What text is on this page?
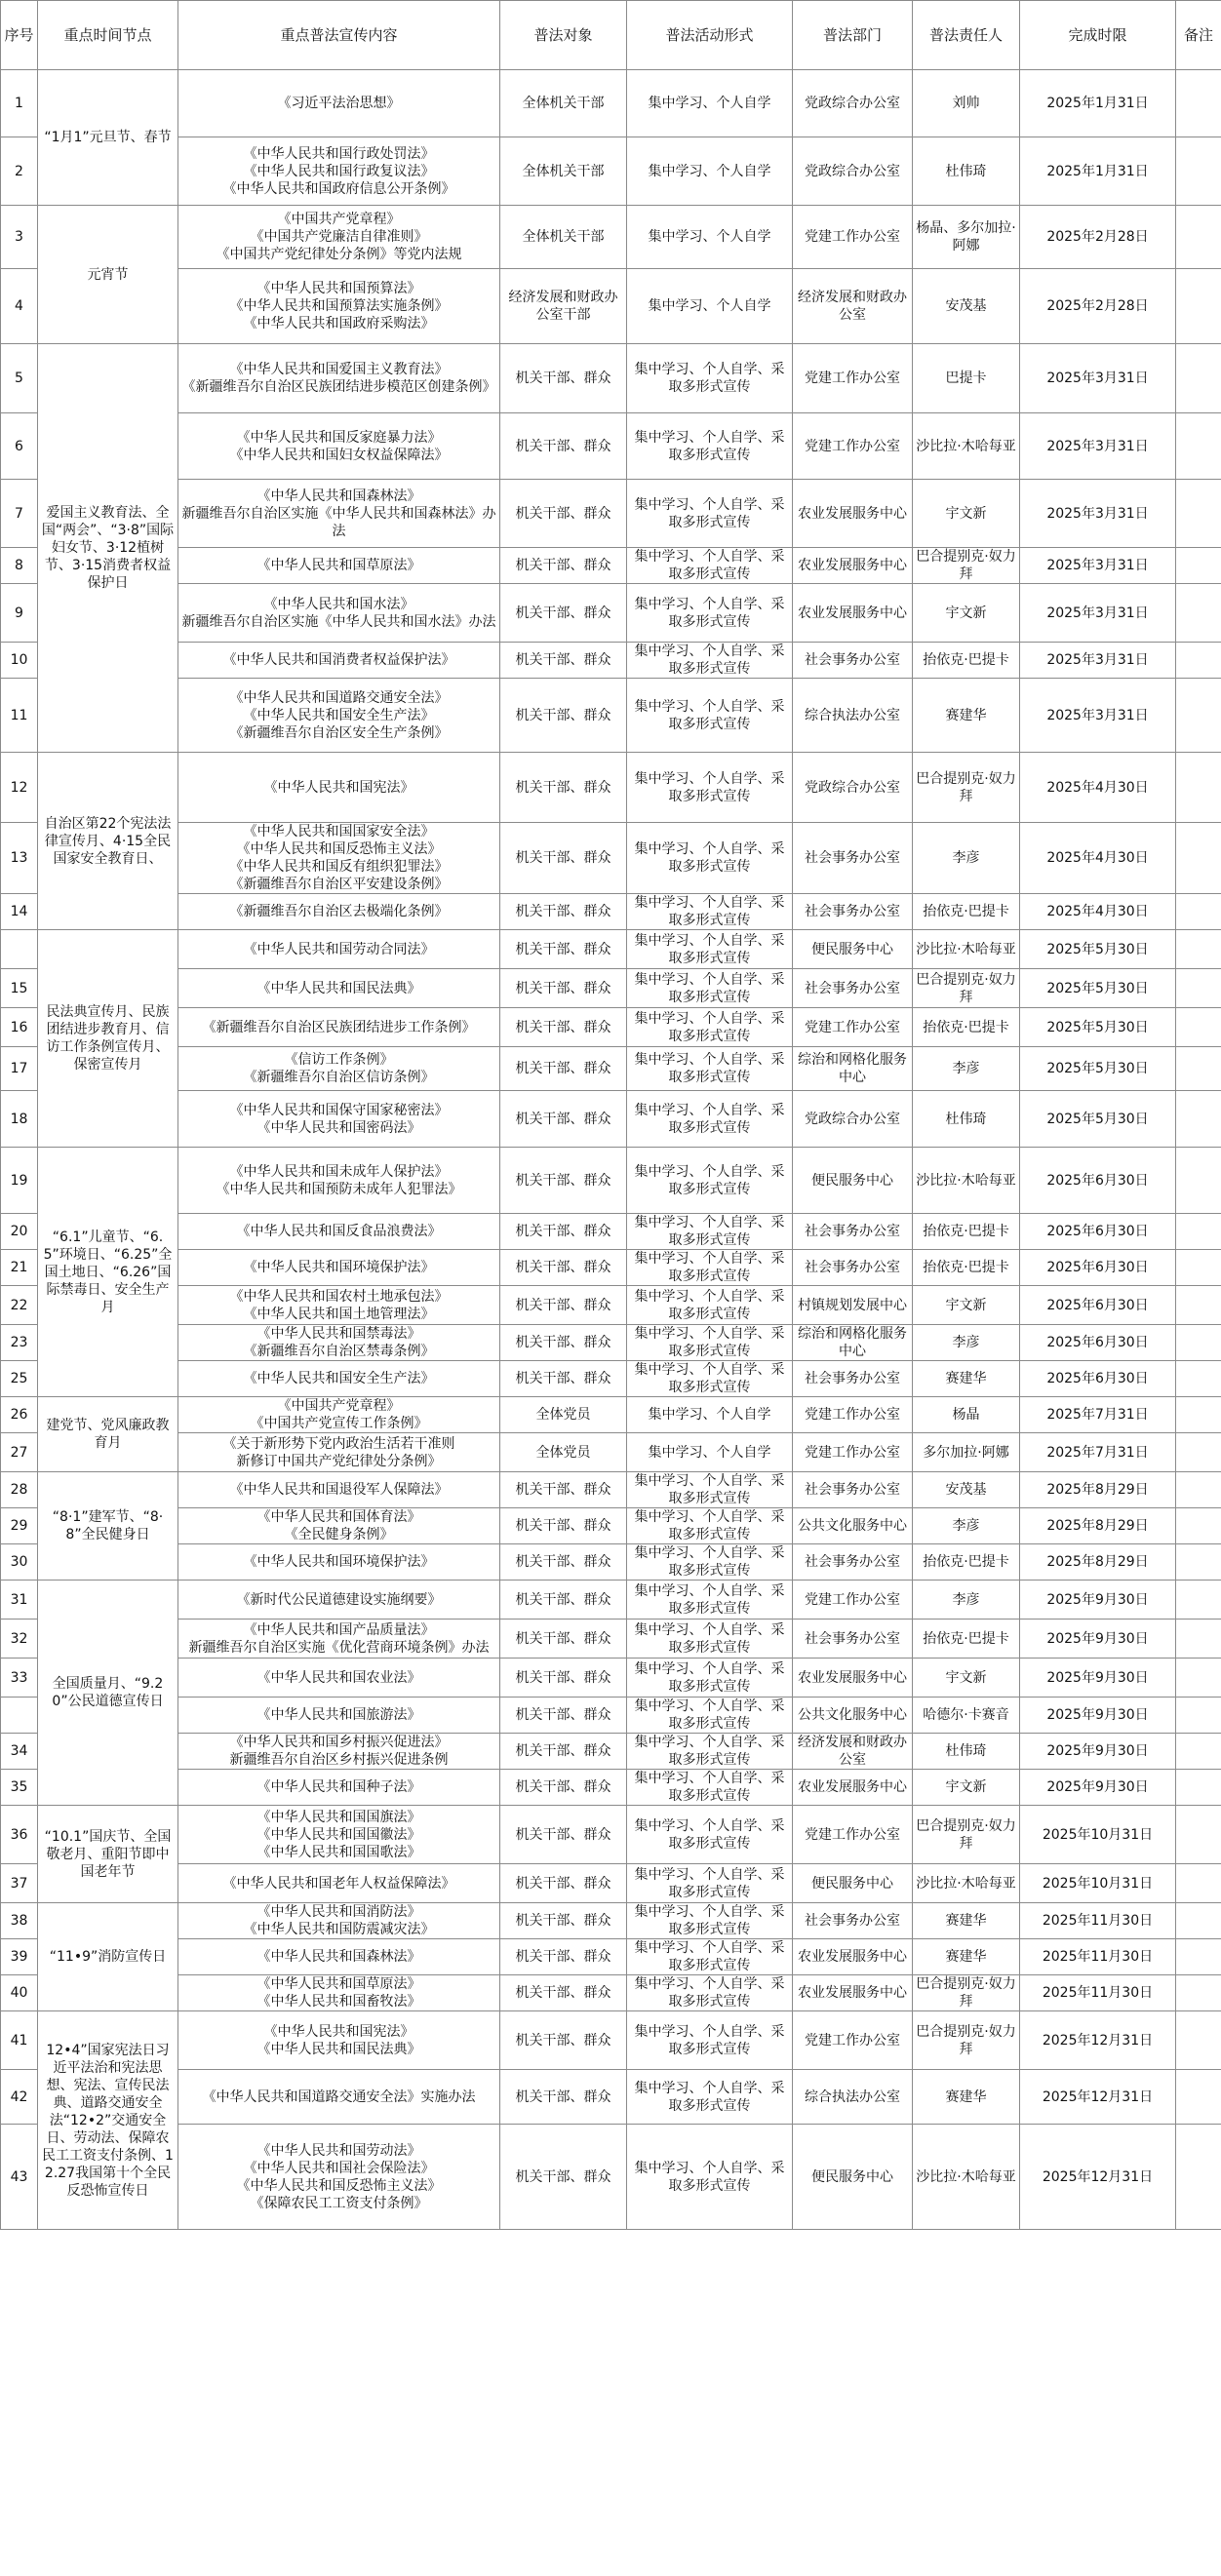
序号	重点时间节点	重点普法宣传内容	普法对象	普法活动形式	普法部门	普法责任人	完成时限	备注
1	“1月1”元旦节、春节	《习近平法治思想》	全体机关干部	集中学习、个人自学	党政综合办公室	刘帅	2025年1月31日	
2		《中华人民共和国行政处罚法》
《中华人民共和国行政复议法》
《中华人民共和国政府信息公开条例》	全体机关干部	集中学习、个人自学	党政综合办公室	杜伟琦	2025年1月31日	
3	元宵节	《中国共产党章程》
《中国共产党廉洁自律准则》
《中国共产党纪律处分条例》等党内法规	全体机关干部	集中学习、个人自学	党建工作办公室	杨晶、多尔加拉·阿娜	2025年2月28日	
4		《中华人民共和国预算法》
《中华人民共和国预算法实施条例》
《中华人民共和国政府采购法》	经济发展和财政办公室干部	集中学习、个人自学	经济发展和财政办公室	安茂基	2025年2月28日	
5	爱国主义教育法、全国“两会”、“3·8”国际妇女节、3·12植树节、3·15消费者权益保护日	《中华人民共和国爱国主义教育法》
《新疆维吾尔自治区民族团结进步模范区创建条例》	机关干部、群众	集中学习、个人自学、采取多形式宣传	党建工作办公室	巴提卡	2025年3月31日	
6		《中华人民共和国反家庭暴力法》
《中华人民共和国妇女权益保障法》	机关干部、群众	集中学习、个人自学、采取多形式宣传	党建工作办公室	沙比拉·木哈每亚	2025年3月31日	
7		《中华人民共和国森林法》
新疆维吾尔自治区实施《中华人民共和国森林法》办法	机关干部、群众	集中学习、个人自学、采取多形式宣传	农业发展服务中心	宇文新	2025年3月31日	
8		《中华人民共和国草原法》	机关干部、群众	集中学习、个人自学、采取多形式宣传	农业发展服务中心	巴合提别克·奴力拜	2025年3月31日	
9		《中华人民共和国水法》
新疆维吾尔自治区实施《中华人民共和国水法》办法	机关干部、群众	集中学习、个人自学、采取多形式宣传	农业发展服务中心	宇文新	2025年3月31日	
10		《中华人民共和国消费者权益保护法》	机关干部、群众	集中学习、个人自学、采取多形式宣传	社会事务办公室	抬依克·巴提卡	2025年3月31日	
11		《中华人民共和国道路交通安全法》
《中华人民共和国安全生产法》
《新疆维吾尔自治区安全生产条例》	机关干部、群众	集中学习、个人自学、采取多形式宣传	综合执法办公室	赛建华	2025年3月31日	
12	自治区第22个宪法法律宣传月、4·15全民国家安全教育日、	《中华人民共和国宪法》	机关干部、群众	集中学习、个人自学、采取多形式宣传	党政综合办公室	巴合提别克·奴力拜	2025年4月30日	
13		《中华人民共和国国家安全法》
《中华人民共和国反恐怖主义法》
《中华人民共和国反有组织犯罪法》
《新疆维吾尔自治区平安建设条例》	机关干部、群众	集中学习、个人自学、采取多形式宣传	社会事务办公室	李彦	2025年4月30日	
14		《新疆维吾尔自治区去极端化条例》	机关干部、群众	集中学习、个人自学、采取多形式宣传	社会事务办公室	抬依克·巴提卡	2025年4月30日	
	民法典宣传月、民族团结进步教育月、信访工作条例宣传月、保密宣传月	《中华人民共和国劳动合同法》	机关干部、群众	集中学习、个人自学、采取多形式宣传	便民服务中心	沙比拉·木哈每亚	2025年5月30日	
15		《中华人民共和国民法典》	机关干部、群众	集中学习、个人自学、采取多形式宣传	社会事务办公室	巴合提别克·奴力拜	2025年5月30日	
16		《新疆维吾尔自治区民族团结进步工作条例》	机关干部、群众	集中学习、个人自学、采取多形式宣传	党建工作办公室	抬依克·巴提卡	2025年5月30日	
17		《信访工作条例》
《新疆维吾尔自治区信访条例》	机关干部、群众	集中学习、个人自学、采取多形式宣传	综治和网格化服务中心	李彦	2025年5月30日	
18		《中华人民共和国保守国家秘密法》
《中华人民共和国密码法》	机关干部、群众	集中学习、个人自学、采取多形式宣传	党政综合办公室	杜伟琦	2025年5月30日	
19	“6.1”儿童节、“6.5”环境日、“6.25”全国土地日、“6.26”国际禁毒日、安全生产月	《中华人民共和国未成年人保护法》
《中华人民共和国预防未成年人犯罪法》	机关干部、群众	集中学习、个人自学、采取多形式宣传	便民服务中心	沙比拉·木哈每亚	2025年6月30日	
20		《中华人民共和国反食品浪费法》	机关干部、群众	集中学习、个人自学、采取多形式宣传	社会事务办公室	抬依克·巴提卡	2025年6月30日	
21		《中华人民共和国环境保护法》	机关干部、群众	集中学习、个人自学、采取多形式宣传	社会事务办公室	抬依克·巴提卡	2025年6月30日	
22		《中华人民共和国农村土地承包法》
《中华人民共和国土地管理法》	机关干部、群众	集中学习、个人自学、采取多形式宣传	村镇规划发展中心	宇文新	2025年6月30日	
23		《中华人民共和国禁毒法》
《新疆维吾尔自治区禁毒条例》	机关干部、群众	集中学习、个人自学、采取多形式宣传	综治和网格化服务中心	李彦	2025年6月30日	
25		《中华人民共和国安全生产法》	机关干部、群众	集中学习、个人自学、采取多形式宣传	社会事务办公室	赛建华	2025年6月30日	
26	建党节、党风廉政教育月	《中国共产党章程》
《中国共产党宣传工作条例》	全体党员	集中学习、个人自学	党建工作办公室	杨晶	2025年7月31日	
27		《关于新形势下党内政治生活若干准则
新修订中国共产党纪律处分条例》	全体党员	集中学习、个人自学	党建工作办公室	多尔加拉·阿娜	2025年7月31日	
28	“8·1”建军节、“8·8”全民健身日	《中华人民共和国退役军人保障法》	机关干部、群众	集中学习、个人自学、采取多形式宣传	社会事务办公室	安茂基	2025年8月29日	
29		《中华人民共和国体育法》
《全民健身条例》	机关干部、群众	集中学习、个人自学、采取多形式宣传	公共文化服务中心	李彦	2025年8月29日	
30		《中华人民共和国环境保护法》	机关干部、群众	集中学习、个人自学、采取多形式宣传	社会事务办公室	抬依克·巴提卡	2025年8月29日	
31	全国质量月、“9.20”公民道德宣传日	《新时代公民道德建设实施纲要》	机关干部、群众	集中学习、个人自学、采取多形式宣传	党建工作办公室	李彦	2025年9月30日	
32		《中华人民共和国产品质量法》
新疆维吾尔自治区实施《优化营商环境条例》办法	机关干部、群众	集中学习、个人自学、采取多形式宣传	社会事务办公室	抬依克·巴提卡	2025年9月30日	
33		《中华人民共和国农业法》	机关干部、群众	集中学习、个人自学、采取多形式宣传	农业发展服务中心	宇文新	2025年9月30日	
		《中华人民共和国旅游法》	机关干部、群众	集中学习、个人自学、采取多形式宣传	公共文化服务中心	哈德尔·卡赛音	2025年9月30日	
34		《中华人民共和国乡村振兴促进法》
新疆维吾尔自治区乡村振兴促进条例	机关干部、群众	集中学习、个人自学、采取多形式宣传	经济发展和财政办公室	杜伟琦	2025年9月30日	
35		《中华人民共和国种子法》	机关干部、群众	集中学习、个人自学、采取多形式宣传	农业发展服务中心	宇文新	2025年9月30日	
36	“10.1”国庆节、全国敬老月、重阳节即中国老年节	《中华人民共和国国旗法》
《中华人民共和国国徽法》
《中华人民共和国国歌法》	机关干部、群众	集中学习、个人自学、采取多形式宣传	党建工作办公室	巴合提别克·奴力拜	2025年10月31日	
37		《中华人民共和国老年人权益保障法》	机关干部、群众	集中学习、个人自学、采取多形式宣传	便民服务中心	沙比拉·木哈每亚	2025年10月31日	
38	“11•9”消防宣传日	《中华人民共和国消防法》
《中华人民共和国防震减灾法》	机关干部、群众	集中学习、个人自学、采取多形式宣传	社会事务办公室	赛建华	2025年11月30日	
39		《中华人民共和国森林法》	机关干部、群众	集中学习、个人自学、采取多形式宣传	农业发展服务中心	赛建华	2025年11月30日	
40		《中华人民共和国草原法》
《中华人民共和国畜牧法》	机关干部、群众	集中学习、个人自学、采取多形式宣传	农业发展服务中心	巴合提别克·奴力拜	2025年11月30日	
41	12•4”国家宪法日习近平法治和宪法思想、宪法、宣传民法典、道路交通安全法“12•2”交通安全日、劳动法、保障农民工工资支付条例、12.27我国第十个全民反恐怖宣传日	《中华人民共和国宪法》
《中华人民共和国民法典》	机关干部、群众	集中学习、个人自学、采取多形式宣传	党建工作办公室	巴合提别克·奴力拜	2025年12月31日	
42		《中华人民共和国道路交通安全法》实施办法	机关干部、群众	集中学习、个人自学、采取多形式宣传	综合执法办公室	赛建华	2025年12月31日	
43		《中华人民共和国劳动法》
《中华人民共和国社会保险法》
《中华人民共和国反恐怖主义法》
《保障农民工工资支付条例》	机关干部、群众	集中学习、个人自学、采取多形式宣传	便民服务中心	沙比拉·木哈每亚	2025年12月31日	
